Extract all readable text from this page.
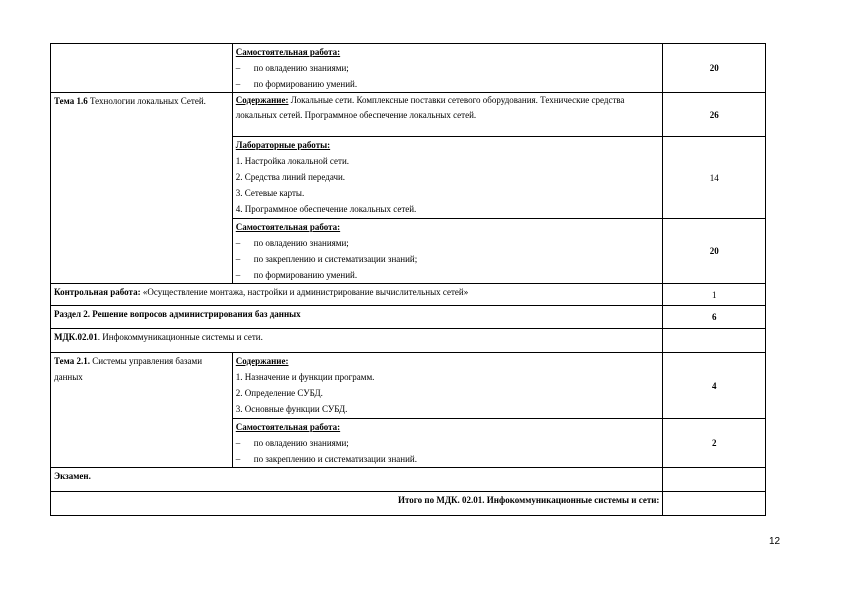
	Самостоятельная работа:
– по овладению знаниями;
– по формированию умений.	20

Тема 1.6 Технологии локальных Сетей.	Содержание: Локальные сети. Комплексные поставки сетевого оборудования. Технические средства локальных сетей. Программное обеспечение локальных сетей.	26

	Лабораторные работы:
1. Настройка локальной сети.
2. Средства линий передачи.
3. Сетевые карты.
4. Программное обеспечение локальных сетей.	14

	Самостоятельная работа:
– по овладению знаниями;
– по закреплению и систематизации знаний;
– по формированию умений.	20

Контрольная работа: «Осуществление монтажа, настройки и администрирование вычислительных сетей»		1

Раздел 2. Решение вопросов администрирования баз данных		6

МДК.02.01. Инфокоммуникационные системы и сети.		

Тема 2.1. Системы управления базами данных	Содержание:
1. Назначение и функции программ.
2. Определение СУБД.
3. Основные функции СУБД.	4

	Самостоятельная работа:
– по овладению знаниями;
– по закреплению и систематизации знаний.	2

Экзамен.		

Итого по МДК. 02.01. Инфокоммуникационные системы и сети:		

12
